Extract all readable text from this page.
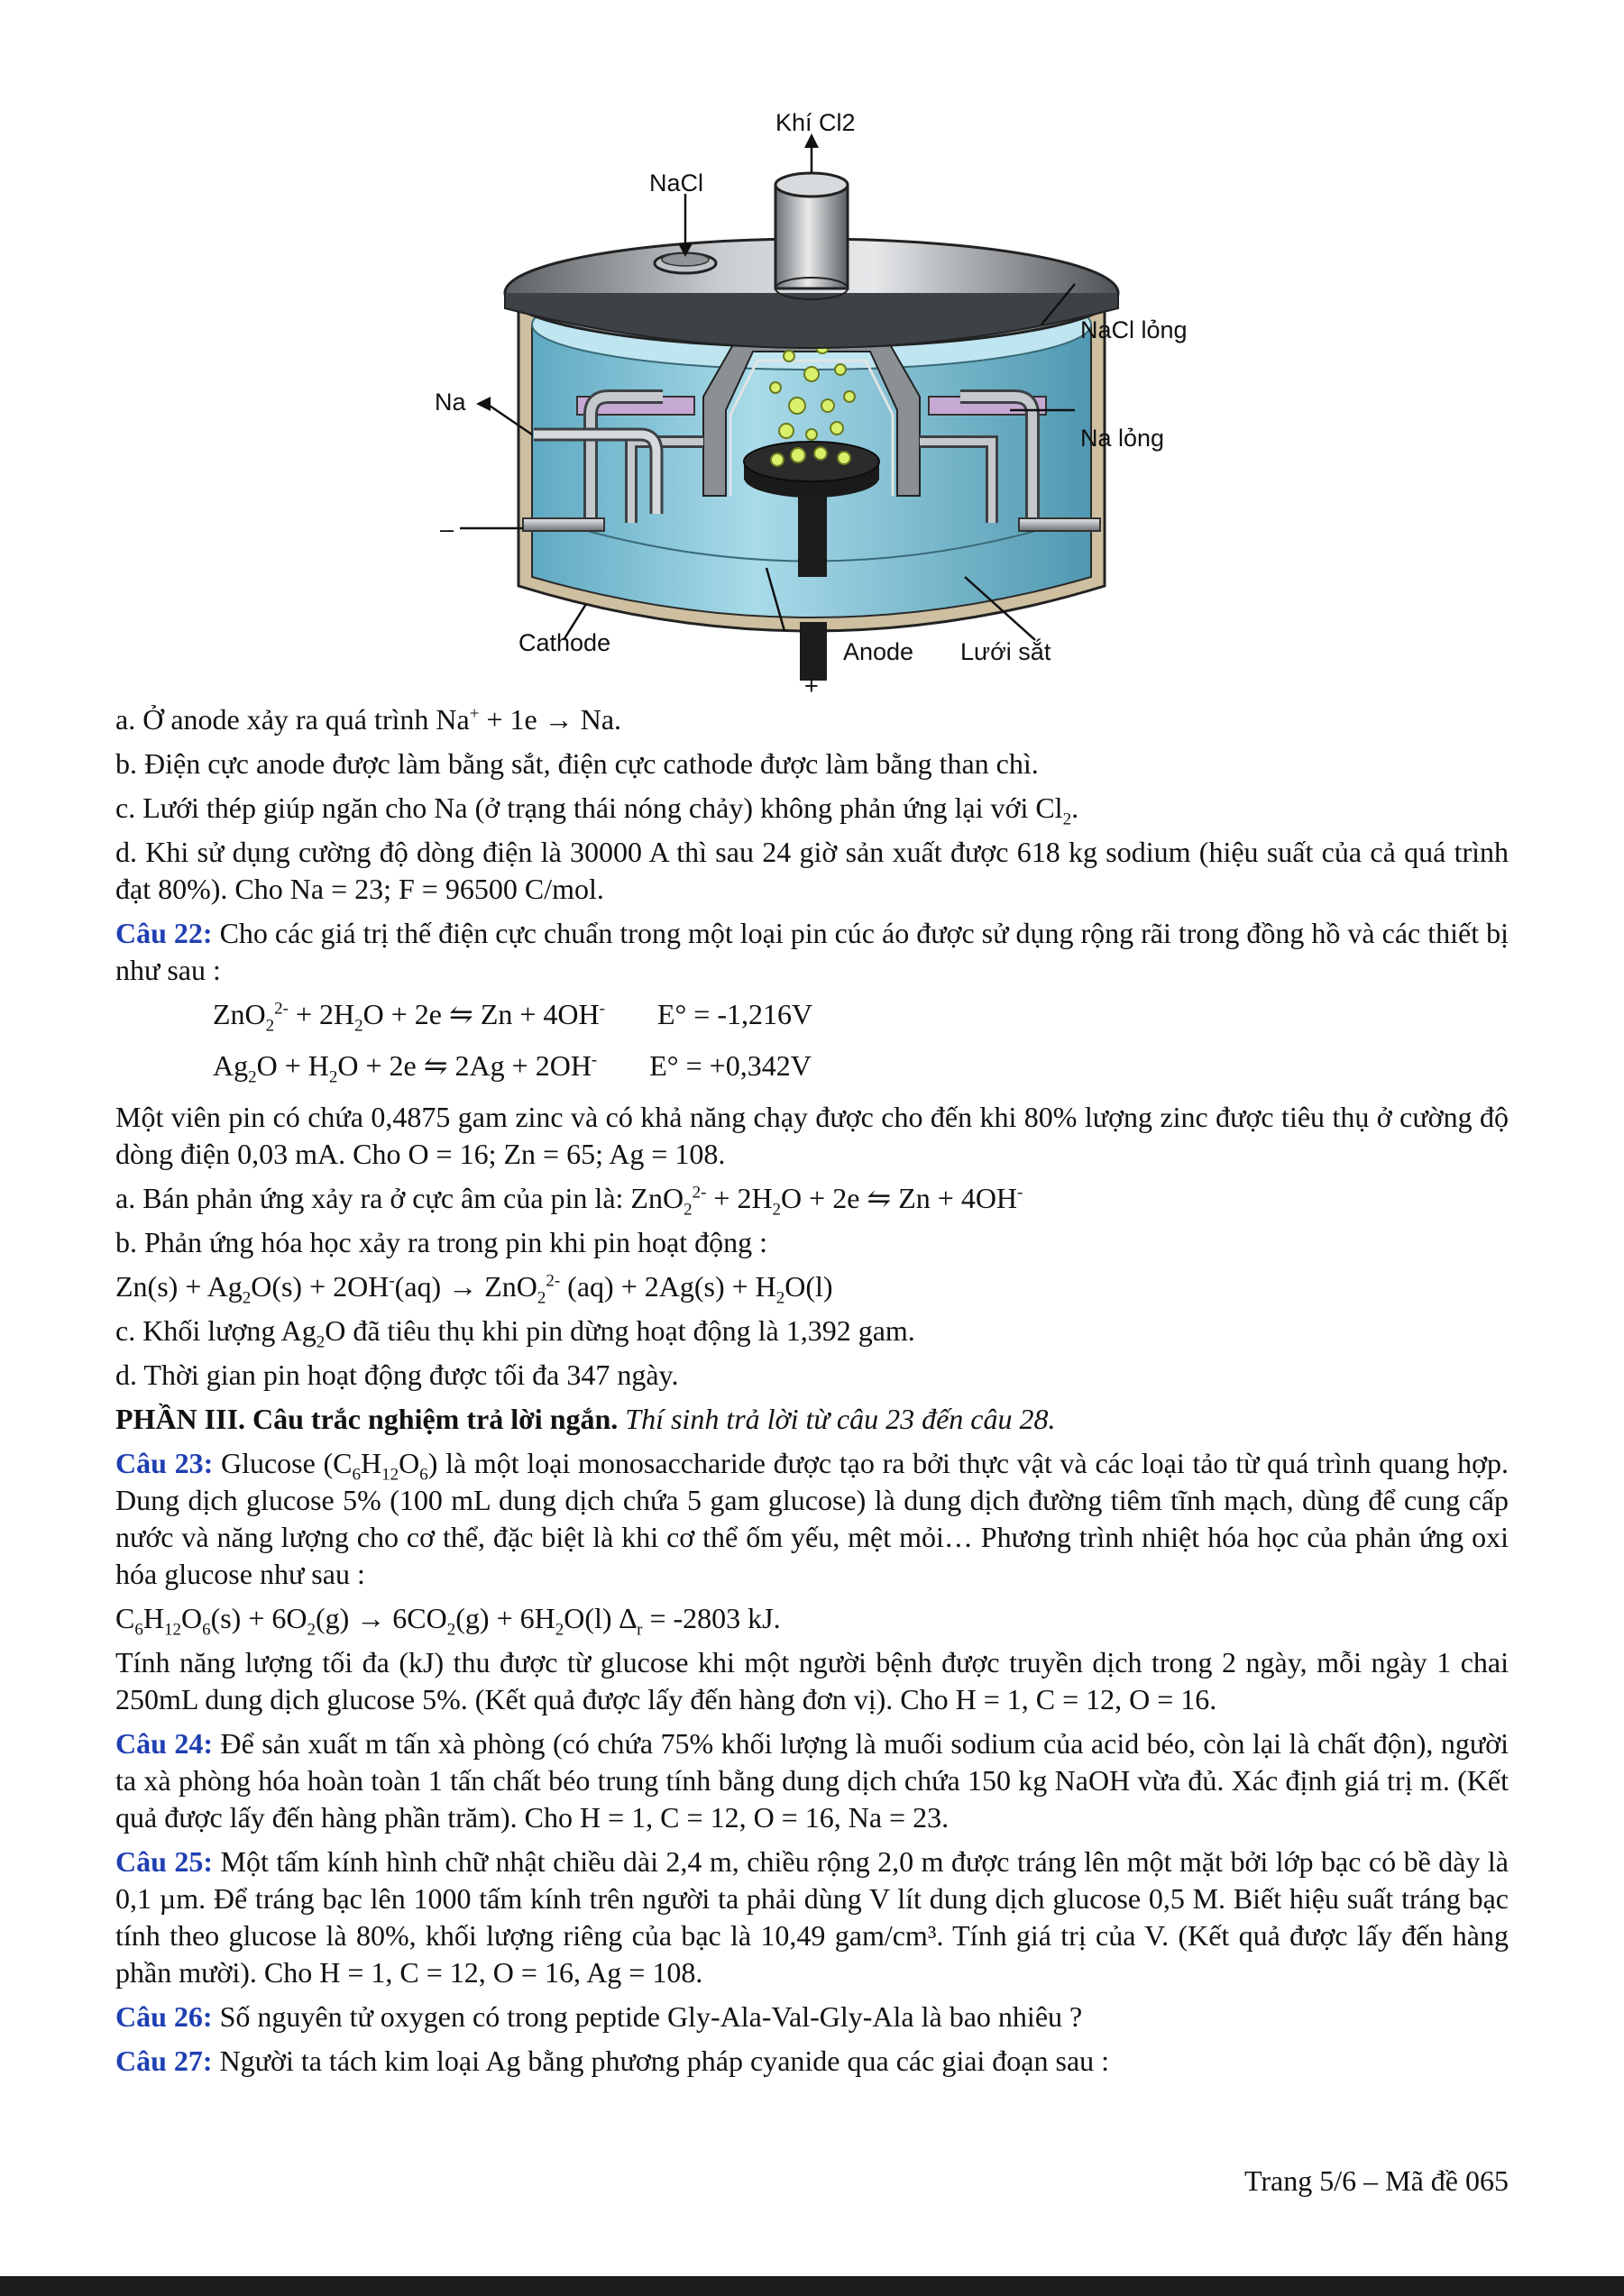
Khí Cl2
NaCl
NaCl lỏng
Na
Na lỏng
–
Cathode	Anode Lưới sắt
+

a. Ở anode xảy ra quá trình Na+ + 1e → Na.

b. Điện cực anode được làm bằng sắt, điện cực cathode được làm bằng than chì.

c. Lưới thép giúp ngăn cho Na (ở trạng thái nóng chảy) không phản ứng lại với $Cl_2$.

d. Khi sử dụng cường độ dòng điện là 30000 A thì sau 24 giờ sản xuất được 618 kg sodium (hiệu suất của cả quá trình đạt 80%). Cho Na = 23; F = 96500 C/mol.

Câu 22: Cho các giá trị thế điện cực chuẩn trong một loại pin cúc áo được sử dụng rộng rãi trong đồng hồ và các thiết bị như sau :

$ZnO_2^{2-} + 2H_2O + 2e$ ⇋ Zn + 4OH- E° = -1,216V

$Ag_2O + H_2O + 2e$ ⇋ 2Ag + 2OH- E° = +0,342V

Một viên pin có chứa 0,4875 gam zinc và có khả năng chạy được cho đến khi 80% lượng zinc được tiêu thụ ở cường độ dòng điện 0,03 mA. Cho O = 16; Zn = 65; Ag = 108.

a. Bán phản ứng xảy ra ở cực âm của pin là: $ZnO_2^{2-} + 2H_2O + 2e$ ⇋ Zn + 4OH-

b. Phản ứng hóa học xảy ra trong pin khi pin hoạt động :

$Zn(s) + Ag_2O(s) + 2OH^-(aq) \to ZnO_2^{2-}$ $(aq) + 2Ag(s) + H_2O(l)$

c. Khối lượng $Ag_2O$ đã tiêu thụ khi pin dừng hoạt động là 1,392 gam.

d. Thời gian pin hoạt động được tối đa 347 ngày.

PHẦN III. Câu trắc nghiệm trả lời ngắn. Thí sinh trả lời từ câu 23 đến câu 28.

Câu 23: Glucose $(C_6H_{12}O_6)$ là một loại monosaccharide được tạo ra bởi thực vật và các loại tảo từ quá trình quang hợp. Dung dịch glucose 5% (100 mL dung dịch chứa 5 gam glucose) là dung dịch đường tiêm tĩnh mạch, dùng để cung cấp nước và năng lượng cho cơ thể, đặc biệt là khi cơ thể ốm yếu, mệt mỏi… Phương trình nhiệt hóa học của phản ứng oxi hóa glucose như sau :

$C_6H_{12}O_6(s) + 6O_2(g) \to 6CO_2(g) + 6H_2O(l) \Delta_r = -2803$ kJ.

Tính năng lượng tối đa (kJ) thu được từ glucose khi một người bệnh được truyền dịch trong 2 ngày, mỗi ngày 1 chai 250mL dung dịch glucose 5%. (Kết quả được lấy đến hàng đơn vị). Cho H = 1, C = 12, O = 16.

Câu 24: Để sản xuất m tấn xà phòng (có chứa 75% khối lượng là muối sodium của acid béo, còn lại là chất độn), người ta xà phòng hóa hoàn toàn 1 tấn chất béo trung tính bằng dung dịch chứa 150 kg NaOH vừa đủ. Xác định giá trị m. (Kết quả được lấy đến hàng phần trăm). Cho H = 1, C = 12, O = 16, Na = 23.

Câu 25: Một tấm kính hình chữ nhật chiều dài 2,4 m, chiều rộng 2,0 m được tráng lên một mặt bởi lớp bạc có bề dày là 0,1 µm. Để tráng bạc lên 1000 tấm kính trên người ta phải dùng V lít dung dịch glucose 0,5 M. Biết hiệu suất tráng bạc tính theo glucose là 80%, khối lượng riêng của bạc là 10,49 gam/cm³. Tính giá trị của V. (Kết quả được lấy đến hàng phần mười). Cho H = 1, C = 12, O = 16, Ag = 108.

Câu 26: Số nguyên tử oxygen có trong peptide Gly-Ala-Val-Gly-Ala là bao nhiêu ?

Câu 27: Người ta tách kim loại Ag bằng phương pháp cyanide qua các giai đoạn sau :

Trang 5/6 – Mã đề 065
